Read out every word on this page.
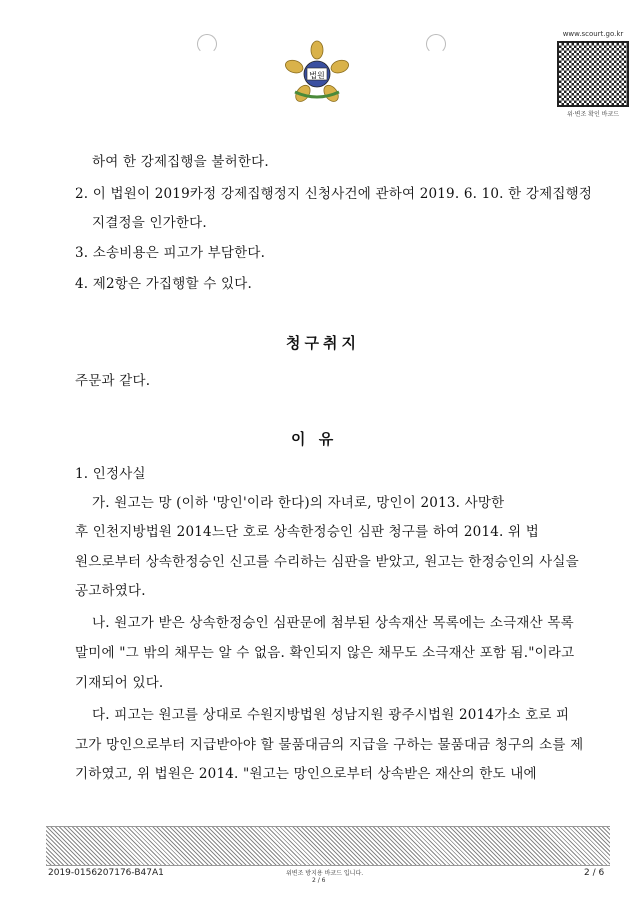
법원
www.scourt.go.kr
위·변조 확인 바코드
하여 한 강제집행을 불허한다.
2. 이 법원이 2019카정 강제집행정지 신청사건에 관하여 2019. 6. 10. 한 강제집행정
지결정을 인가한다.
3. 소송비용은 피고가 부담한다.
4. 제2항은 가집행할 수 있다.
청구취지
주문과 같다.
이 유
1. 인정사실
가. 원고는 망 (이하 '망인'이라 한다)의 자녀로, 망인이 2013. 사망한
후 인천지방법원 2014느단 호로 상속한정승인 심판 청구를 하여 2014. 위 법
원으로부터 상속한정승인 신고를 수리하는 심판을 받았고, 원고는 한정승인의 사실을
공고하였다.
나. 원고가 받은 상속한정승인 심판문에 첨부된 상속재산 목록에는 소극재산 목록
말미에 "그 밖의 채무는 알 수 없음. 확인되지 않은 채무도 소극재산 포함 됨."이라고
기재되어 있다.
다. 피고는 원고를 상대로 수원지방법원 성남지원 광주시법원 2014가소 호로 피
고가 망인으로부터 지급받아야 할 물품대금의 지급을 구하는 물품대금 청구의 소를 제
기하였고, 위 법원은 2014. "원고는 망인으로부터 상속받은 재산의 한도 내에
2019-0156207176-B47A1	위변조 방지용 바코드 입니다.
2 / 6
2 / 6
